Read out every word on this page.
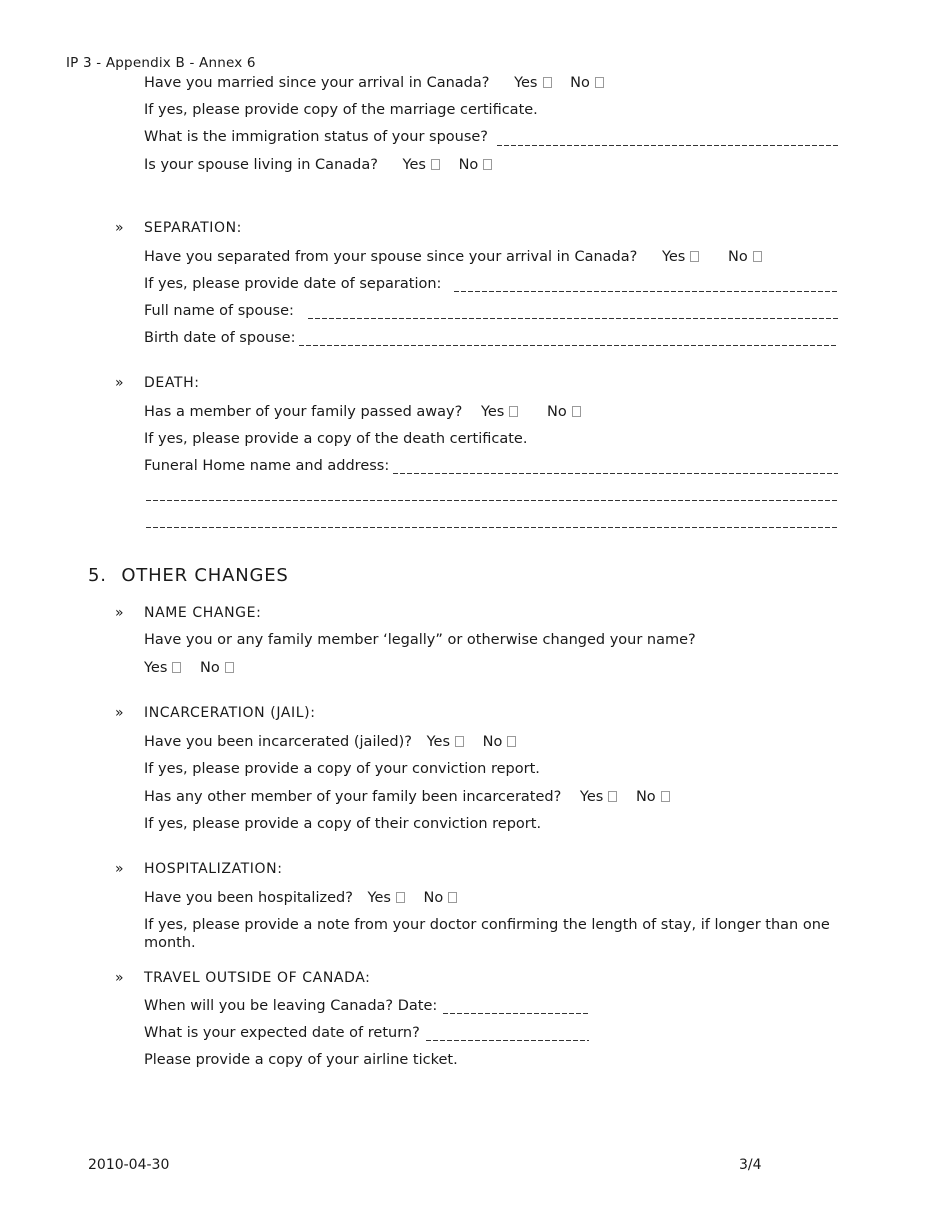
IP 3 - Appendix B - Annex 6
Have you married since your arrival in Canada? Yes No
If yes, please provide copy of the marriage certificate.
What is the immigration status of your spouse?
Is your spouse living in Canada? Yes No
» SEPARATION:
Have you separated from your spouse since your arrival in Canada? Yes	No
If yes, please provide date of separation:
Full name of spouse:
Birth date of spouse:
» DEATH:
Has a member of your family passed away? Yes	No
If yes, please provide a copy of the death certificate.
Funeral Home name and address:
5. OTHER CHANGES
» NAME CHANGE:
Have you or any family member ‘legally” or otherwise changed your name?
Yes No
» INCARCERATION (JAIL):
Have you been incarcerated (jailed)? Yes No
If yes, please provide a copy of your conviction report.
Has any other member of your family been incarcerated? Yes No
If yes, please provide a copy of their conviction report.
» HOSPITALIZATION:
Have you been hospitalized? Yes No
If yes, please provide a note from your doctor confirming the length of stay, if longer than one month.
» TRAVEL OUTSIDE OF CANADA:
When will you be leaving Canada? Date:
What is your expected date of return?
Please provide a copy of your airline ticket.
2010-04-30	3/4
